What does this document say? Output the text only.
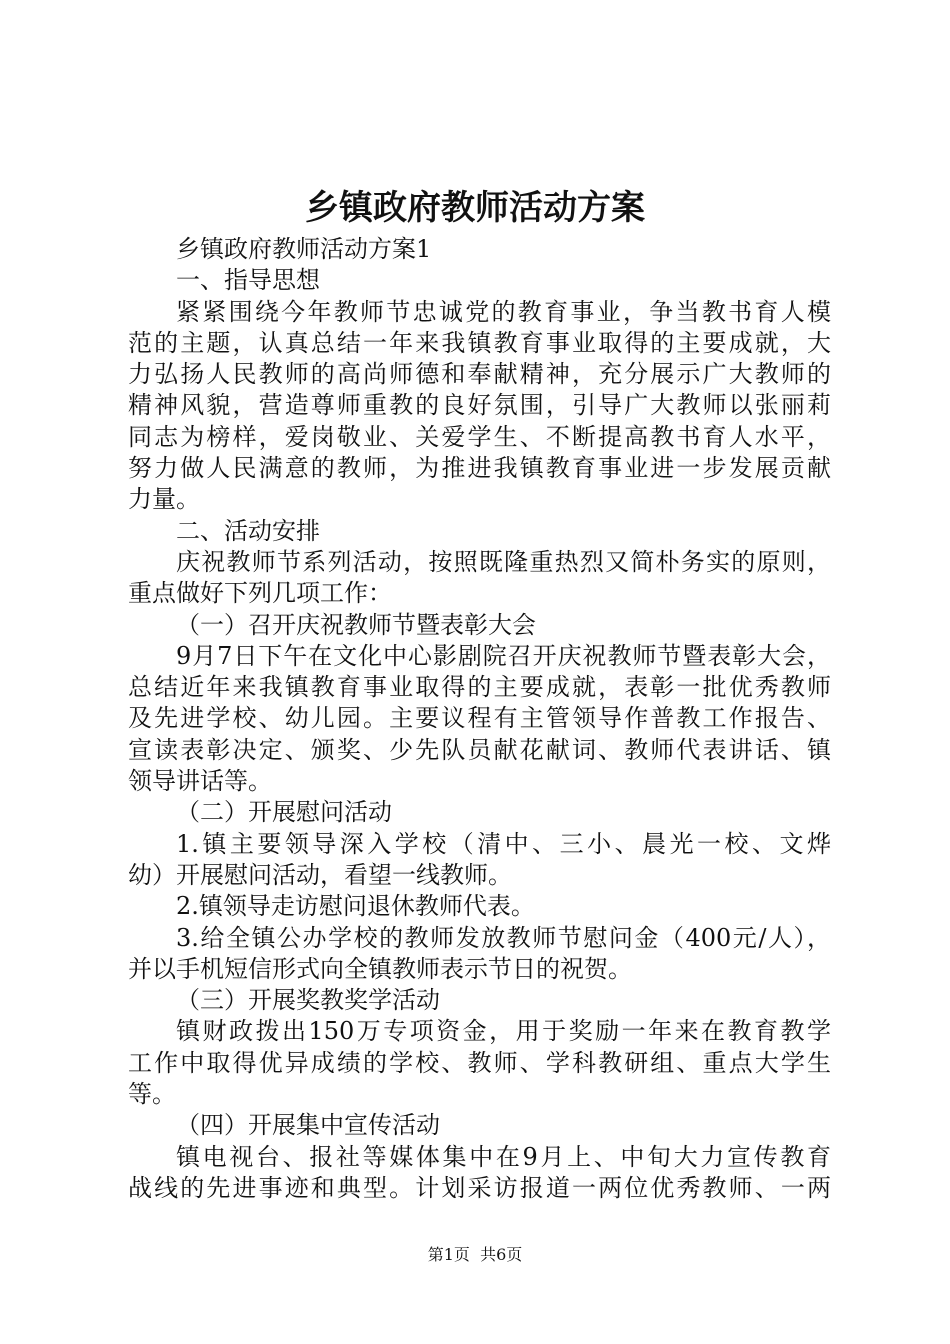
乡镇政府教师活动方案
乡镇政府教师活动方案1
一、指导思想
紧紧围绕今年教师节忠诚党的教育事业，争当教书育人模
范的主题，认真总结一年来我镇教育事业取得的主要成就，大
力弘扬人民教师的高尚师德和奉献精神，充分展示广大教师的
精神风貌，营造尊师重教的良好氛围，引导广大教师以张丽莉
同志为榜样，爱岗敬业、关爱学生、不断提高教书育人水平，
努力做人民满意的教师，为推进我镇教育事业进一步发展贡献
力量。
二、活动安排
庆祝教师节系列活动，按照既隆重热烈又简朴务实的原则，
重点做好下列几项工作：
（一）召开庆祝教师节暨表彰大会
9月7日下午在文化中心影剧院召开庆祝教师节暨表彰大会，
总结近年来我镇教育事业取得的主要成就，表彰一批优秀教师
及先进学校、幼儿园。主要议程有主管领导作普教工作报告、
宣读表彰决定、颁奖、少先队员献花献词、教师代表讲话、镇
领导讲话等。
（二）开展慰问活动
1.镇主要领导深入学校（清中、三小、晨光一校、文烨
幼）开展慰问活动，看望一线教师。
2.镇领导走访慰问退休教师代表。
3.给全镇公办学校的教师发放教师节慰问金（400元/人），
并以手机短信形式向全镇教师表示节日的祝贺。
（三）开展奖教奖学活动
镇财政拨出150万专项资金，用于奖励一年来在教育教学
工作中取得优异成绩的学校、教师、学科教研组、重点大学生
等。
（四）开展集中宣传活动
镇电视台、报社等媒体集中在9月上、中旬大力宣传教育
战线的先进事迹和典型。计划采访报道一两位优秀教师、一两
第1页  共6页
